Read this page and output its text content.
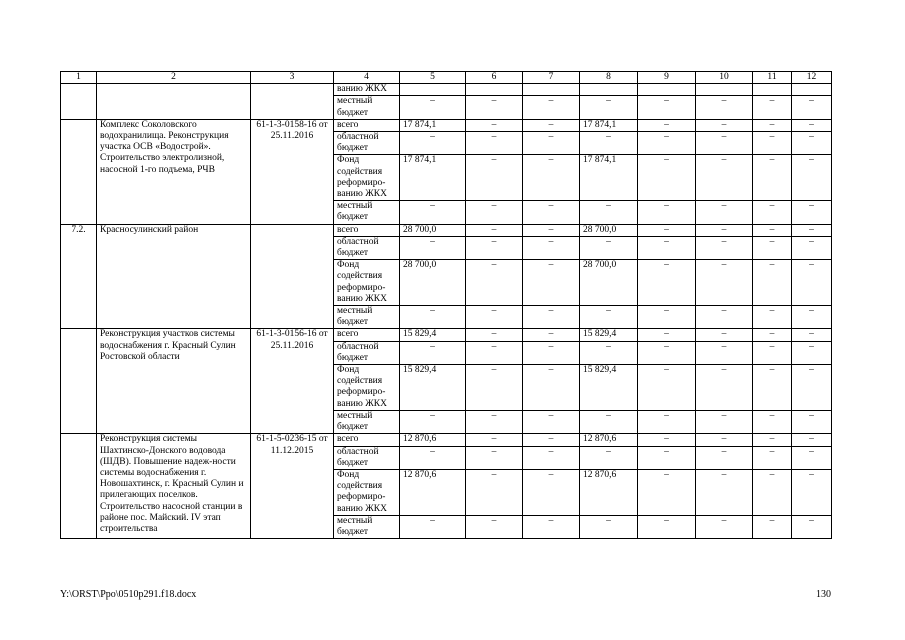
1	2	3	4	5	6	7	8	9	10	11	12
			ванию ЖКХ								
			местный бюджет	–	–	–	–	–	–	–	–
	Комплекс Соколовского водохранилища. Реконструкция участка ОСВ «Водострой». Строительство электролизной, насосной 1-го подъема, РЧВ	61-1-3-0158-16 от 25.11.2016	всего	17 874,1	–	–	17 874,1	–	–	–	–
			областной бюджет	–	–	–	–	–	–	–	–
			Фонд содействия реформиро-ванию ЖКХ	17 874,1	–	–	17 874,1	–	–	–	–
			местный бюджет	–	–	–	–	–	–	–	–
7.2.	Красносулинский район		всего	28 700,0	–	–	28 700,0	–	–	–	–
			областной бюджет	–	–	–	–	–	–	–	–
			Фонд содействия реформиро-ванию ЖКХ	28 700,0	–	–	28 700,0	–	–	–	–
			местный бюджет	–	–	–	–	–	–	–	–
	Реконструкция участков системы водоснабжения г. Красный Сулин Ростовской области	61-1-3-0156-16 от 25.11.2016	всего	15 829,4	–	–	15 829,4	–	–	–	–
			областной бюджет	–	–	–	–	–	–	–	–
			Фонд содействия реформиро-ванию ЖКХ	15 829,4	–	–	15 829,4	–	–	–	–
			местный бюджет	–	–	–	–	–	–	–	–
	Реконструкция системы Шахтинско-Донского водовода (ШДВ). Повышение надеж-ности системы водоснабжения г. Новошахтинск, г. Красный Сулин и прилегающих поселков. Строительство насосной станции в районе пос. Майский. IV этап строительства	61-1-5-0236-15 от 11.12.2015	всего	12 870,6	–	–	12 870,6	–	–	–	–
			областной бюджет	–	–	–	–	–	–	–	–
			Фонд содействия реформиро-ванию ЖКХ	12 870,6	–	–	12 870,6	–	–	–	–
			местный бюджет	–	–	–	–	–	–	–	–
Y:\ORST\Ppo\0510p291.f18.docx	130
